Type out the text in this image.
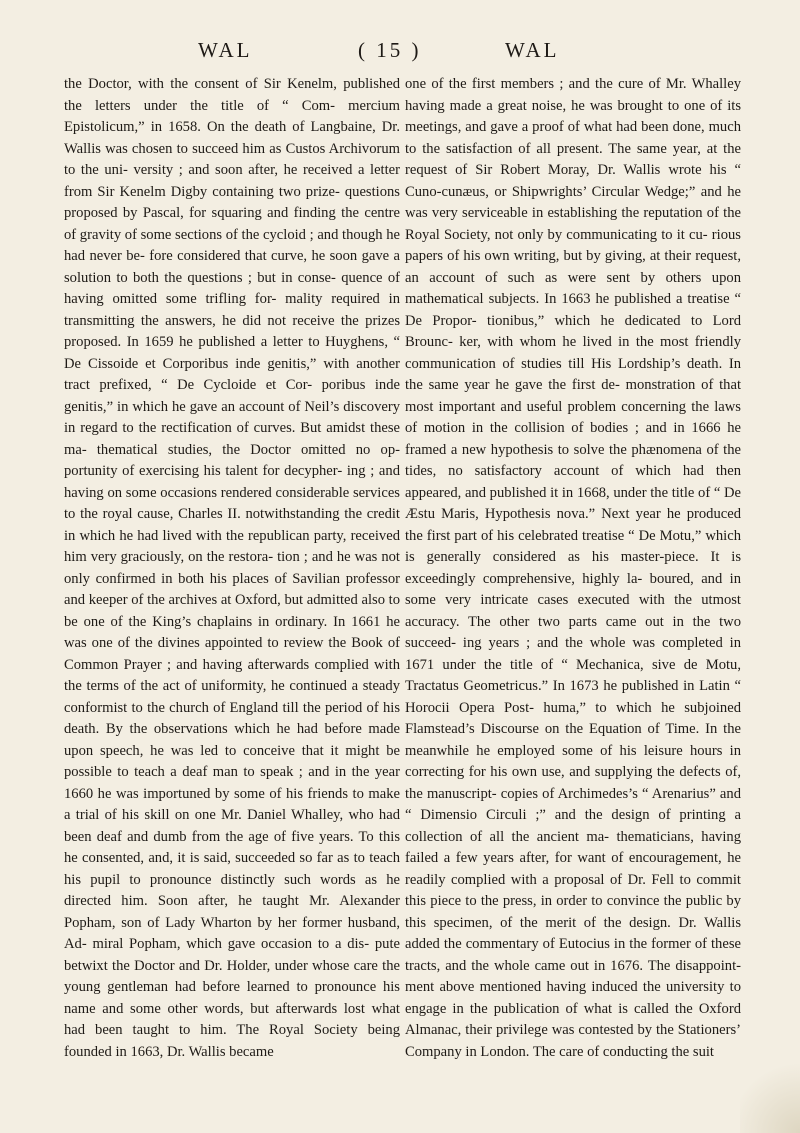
WAL	( 15 )	WAL

the Doctor, with the consent of Sir Kenelm, published the letters under the title of “ Com- mercium Epistolicum,” in 1658. On the death of Langbaine, Dr. Wallis was chosen to succeed him as Custos Archivorum to the uni- versity ; and soon after, he received a letter from Sir Kenelm Digby containing two prize- questions proposed by Pascal, for squaring and finding the centre of gravity of some sections of the cycloid ; and though he had never be- fore considered that curve, he soon gave a solution to both the questions ; but in conse- quence of having omitted some trifling for- mality required in transmitting the answers, he did not receive the prizes proposed. In 1659 he published a letter to Huyghens, “ De Cissoide et Corporibus inde genitis,” with another tract prefixed, “ De Cycloide et Cor- poribus inde genitis,” in which he gave an account of Neil’s discovery in regard to the rectification of curves. But amidst these ma- thematical studies, the Doctor omitted no op- portunity of exercising his talent for decypher- ing ; and having on some occasions rendered considerable services to the royal cause, Charles II. notwithstanding the credit in which he had lived with the republican party, received him very graciously, on the restora- tion ; and he was not only confirmed in both his places of Savilian professor and keeper of the archives at Oxford, but admitted also to be one of the King’s chaplains in ordinary. In 1661 he was one of the divines appointed to review the Book of Common Prayer ; and having afterwards complied with the terms of the act of uniformity, he continued a steady conformist to the church of England till the period of his death. By the observations which he had before made upon speech, he was led to conceive that it might be possible to teach a deaf man to speak ; and in the year 1660 he was importuned by some of his friends to make a trial of his skill on one Mr. Daniel Whalley, who had been deaf and dumb from the age of five years. To this he consented, and, it is said, succeeded so far as to teach his pupil to pronounce distinctly such words as he directed him. Soon after, he taught Mr. Alexander Popham, son of Lady Wharton by her former husband, Ad- miral Popham, which gave occasion to a dis- pute betwixt the Doctor and Dr. Holder, under whose care the young gentleman had before learned to pronounce his name and some other words, but afterwards lost what had been taught to him. The Royal Society being founded in 1663, Dr. Wallis became

one of the first members ; and the cure of Mr. Whalley having made a great noise, he was brought to one of its meetings, and gave a proof of what had been done, much to the satisfaction of all present. The same year, at the request of Sir Robert Moray, Dr. Wallis wrote his “ Cuno-cunæus, or Shipwrights’ Circular Wedge;” and he was very serviceable in establishing the reputation of the Royal Society, not only by communicating to it cu- rious papers of his own writing, but by giving, at their request, an account of such as were sent by others upon mathematical subjects. In 1663 he published a treatise “ De Propor- tionibus,” which he dedicated to Lord Brounc- ker, with whom he lived in the most friendly communication of studies till His Lordship’s death. In the same year he gave the first de- monstration of that most important and useful problem concerning the laws of motion in the collision of bodies ; and in 1666 he framed a new hypothesis to solve the phænomena of the tides, no satisfactory account of which had then appeared, and published it in 1668, under the title of “ De Æstu Maris, Hypothesis nova.” Next year he produced the first part of his celebrated treatise “ De Motu,” which is generally considered as his master-piece. It is exceedingly comprehensive, highly la- boured, and in some very intricate cases executed with the utmost accuracy. The other two parts came out in the two succeed- ing years ; and the whole was completed in 1671 under the title of “ Mechanica, sive de Motu, Tractatus Geometricus.” In 1673 he published in Latin “ Horocii Opera Post- huma,” to which he subjoined Flamstead’s Discourse on the Equation of Time. In the meanwhile he employed some of his leisure hours in correcting for his own use, and supplying the defects of, the manuscript- copies of Archimedes’s “ Arenarius” and “ Dimensio Circuli ;” and the design of printing a collection of all the ancient ma- thematicians, having failed a few years after, for want of encouragement, he readily complied with a proposal of Dr. Fell to commit this piece to the press, in order to convince the public by this specimen, of the merit of the design. Dr. Wallis added the commentary of Eutocius in the former of these tracts, and the whole came out in 1676. The disappoint- ment above mentioned having induced the university to engage in the publication of what is called the Oxford Almanac, their privilege was contested by the Stationers’ Company in London. The care of conducting the suit
